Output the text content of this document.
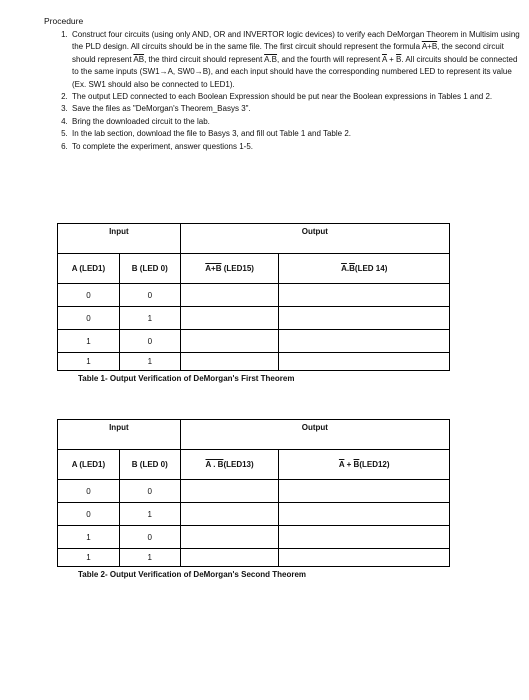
Procedure
1. Construct four circuits (using only AND, OR and INVERTOR logic devices) to verify each DeMorgan Theorem in Multisim using the PLD design. All circuits should be in the same file. The first circuit should represent the formula A+B, the second circuit should represent $\overline{A}\overline{B}$, the third circuit should represent A.B, and the fourth will represent $\overline{A} + \overline{B}$. All circuits should be connected to the same inputs (SW1→A, SW0→B), and each input should have the corresponding numbered LED to represent its value (Ex. SW1 should also be connected to LED1).
2. The output LED connected to each Boolean Expression should be put near the Boolean expressions in Tables 1 and 2.
3. Save the files as "DeMorgan's Theorem_Basys 3".
4. Bring the downloaded circuit to the lab.
5. In the lab section, download the file to Basys 3, and fill out Table 1 and Table 2.
6. To complete the experiment, answer questions 1-5.
Input		Output	
A (LED1)	B (LED 0)	A+B (LED15)	$\overline{A}.\overline{B}(LED$ 14)
0	0		
0	1		
1	0		
1	1		
Table 1- Output Verification of DeMorgan's First Theorem
Input		Output	
A (LED1)	B (LED 0)	A . B(LED13)	$\overline{A} + \overline{B}(LED12)$
0	0		
0	1		
1	0		
1	1		
Table 2- Output Verification of DeMorgan's Second Theorem
